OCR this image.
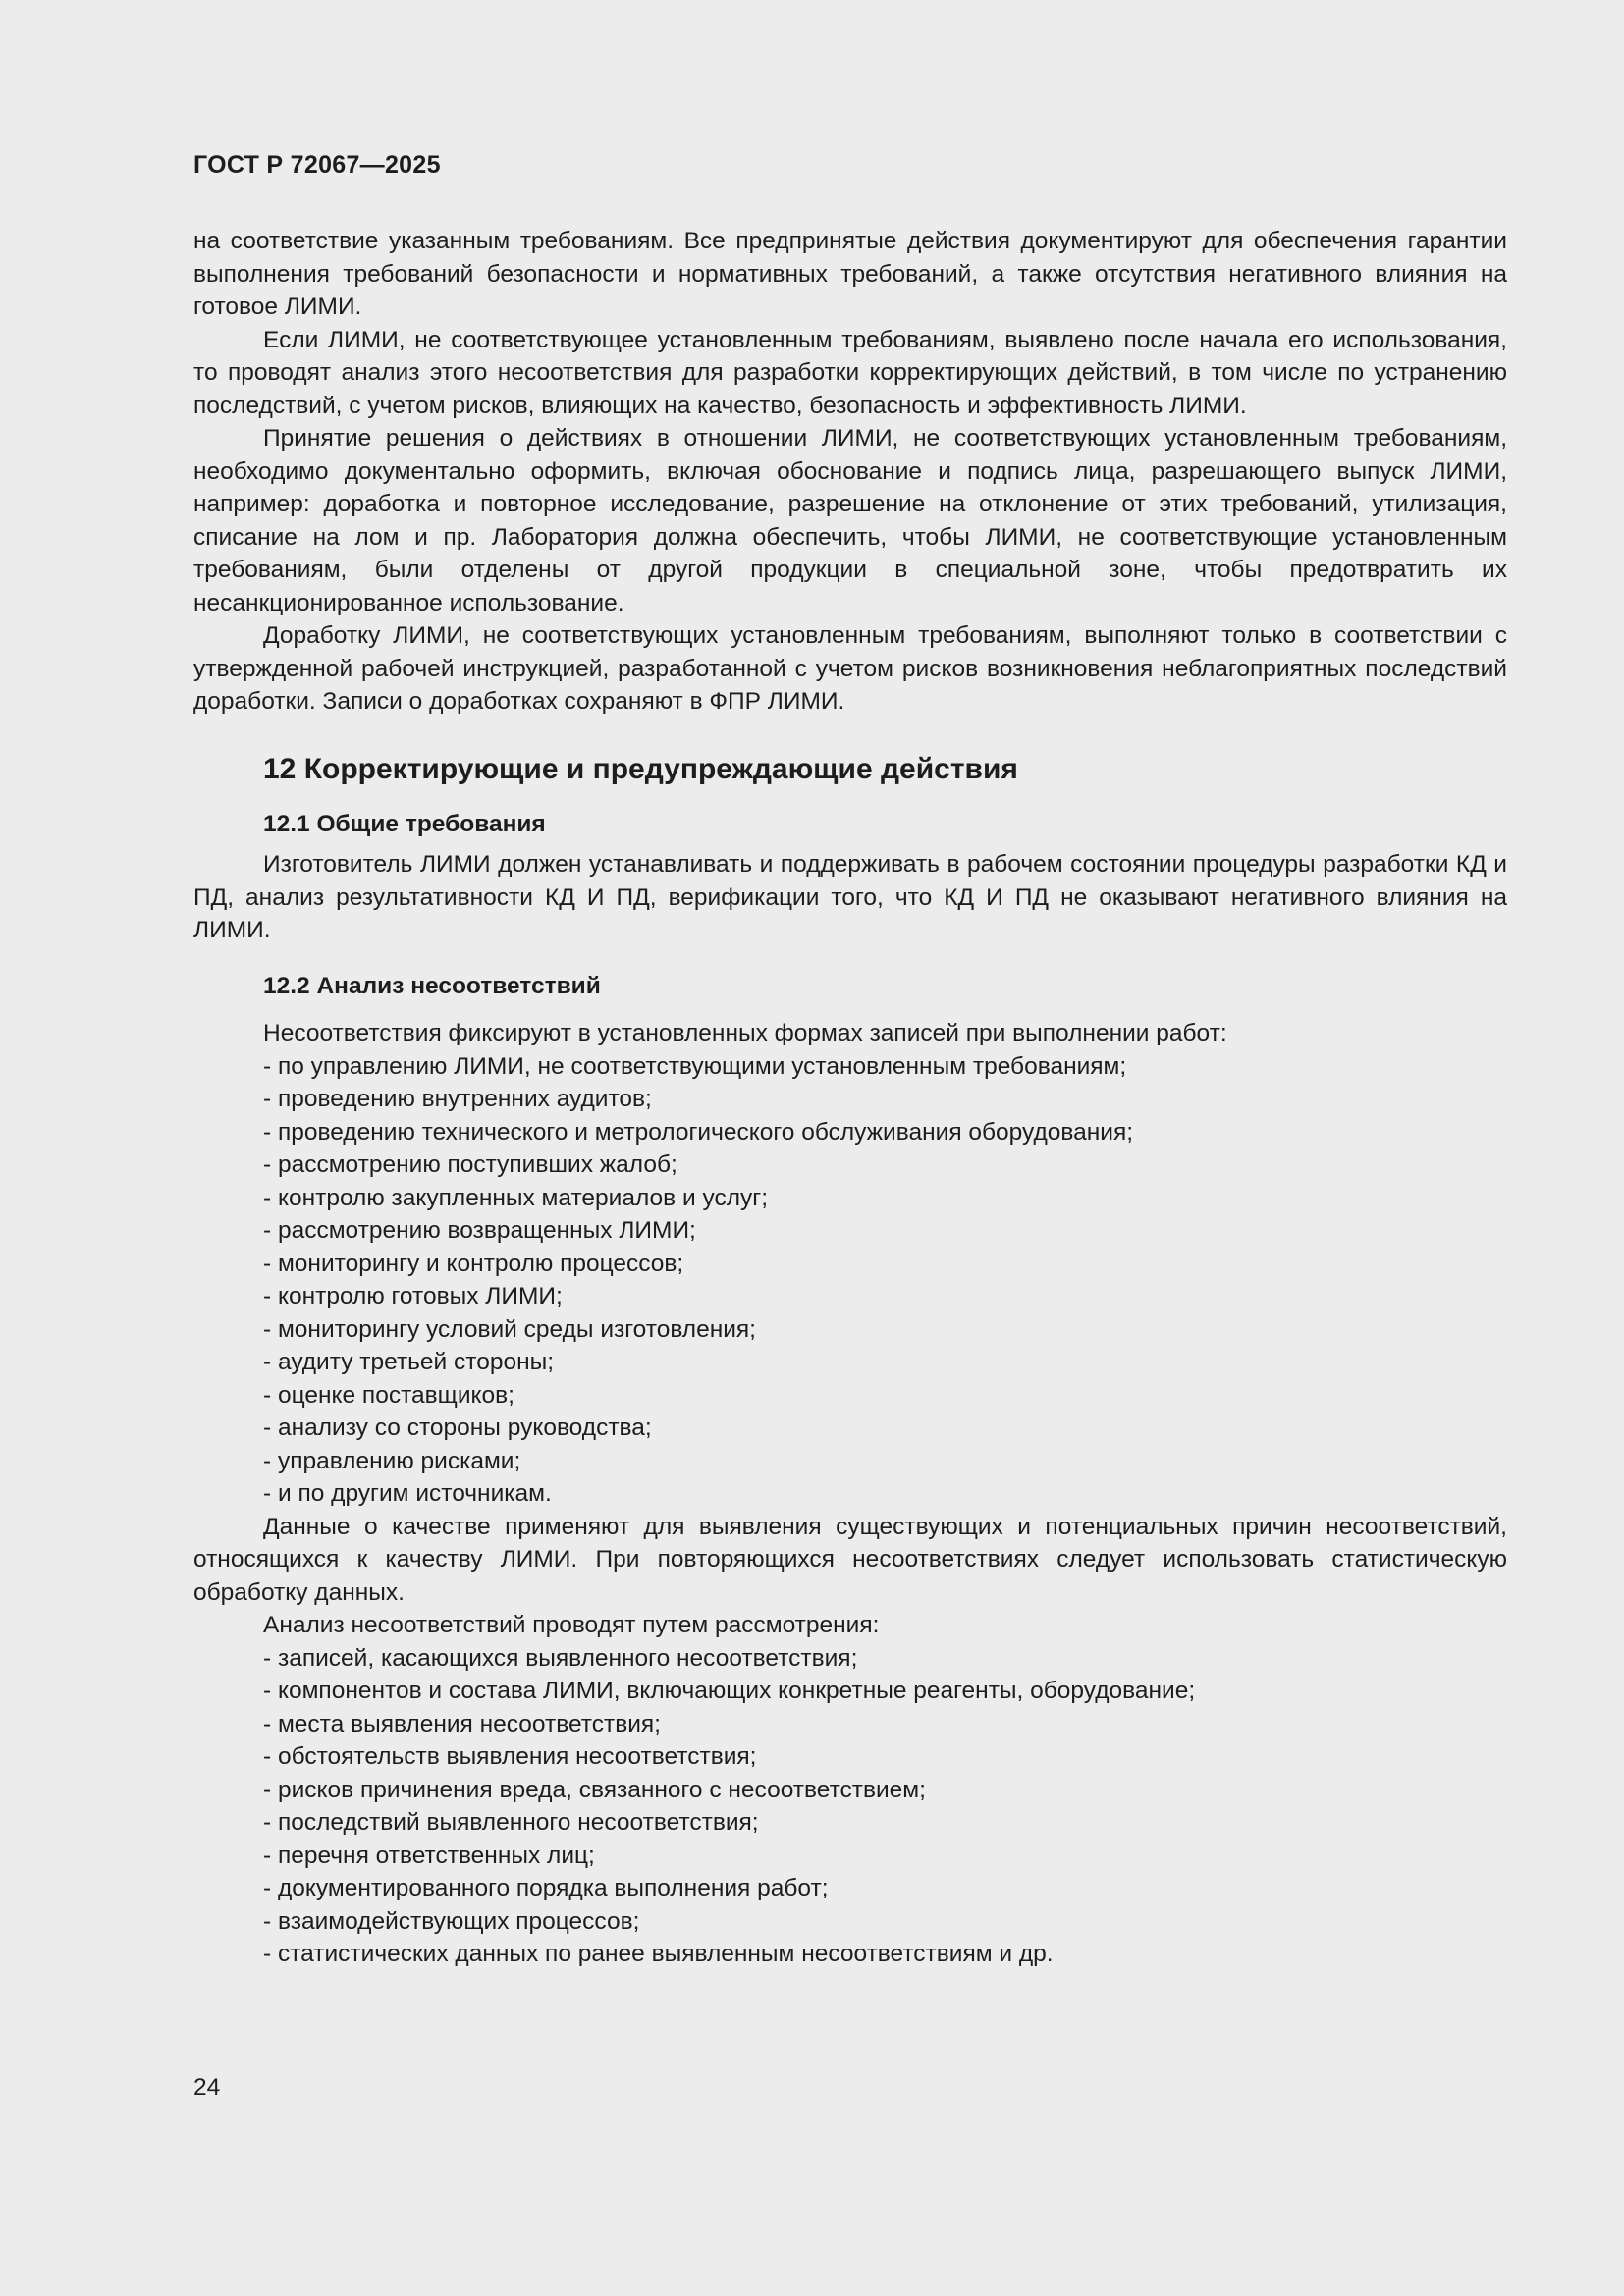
ГОСТ Р 72067—2025

на соответствие указанным требованиям. Все предпринятые действия документируют для обеспечения гарантии выполнения требований безопасности и нормативных требований, а также отсутствия негативного влияния на готовое ЛИМИ.

Если ЛИМИ, не соответствующее установленным требованиям, выявлено после начала его использования, то проводят анализ этого несоответствия для разработки корректирующих действий, в том числе по устранению последствий, с учетом рисков, влияющих на качество, безопасность и эффективность ЛИМИ.

Принятие решения о действиях в отношении ЛИМИ, не соответствующих установленным требованиям, необходимо документально оформить, включая обоснование и подпись лица, разрешающего выпуск ЛИМИ, например: доработка и повторное исследование, разрешение на отклонение от этих требований, утилизация, списание на лом и пр. Лаборатория должна обеспечить, чтобы ЛИМИ, не соответствующие установленным требованиям, были отделены от другой продукции в специальной зоне, чтобы предотвратить их несанкционированное использование.

Доработку ЛИМИ, не соответствующих установленным требованиям, выполняют только в соответствии с утвержденной рабочей инструкцией, разработанной с учетом рисков возникновения неблагоприятных последствий доработки. Записи о доработках сохраняют в ФПР ЛИМИ.

12 Корректирующие и предупреждающие действия
12.1 Общие требования

Изготовитель ЛИМИ должен устанавливать и поддерживать в рабочем состоянии процедуры разработки КД и ПД, анализ результативности КД И ПД, верификации того, что КД И ПД не оказывают негативного влияния на ЛИМИ.

12.2 Анализ несоответствий

Несоответствия фиксируют в установленных формах записей при выполнении работ:

- по управлению ЛИМИ, не соответствующими установленным требованиям;
- проведению внутренних аудитов;
- проведению технического и метрологического обслуживания оборудования;
- рассмотрению поступивших жалоб;
- контролю закупленных материалов и услуг;
- рассмотрению возвращенных ЛИМИ;
- мониторингу и контролю процессов;
- контролю готовых ЛИМИ;
- мониторингу условий среды изготовления;
- аудиту третьей стороны;
- оценке поставщиков;
- анализу со стороны руководства;
- управлению рисками;
- и по другим источникам.

Данные о качестве применяют для выявления существующих и потенциальных причин несоответствий, относящихся к качеству ЛИМИ. При повторяющихся несоответствиях следует использовать статистическую обработку данных.

Анализ несоответствий проводят путем рассмотрения:

- записей, касающихся выявленного несоответствия;
- компонентов и состава ЛИМИ, включающих конкретные реагенты, оборудование;
- места выявления несоответствия;
- обстоятельств выявления несоответствия;
- рисков причинения вреда, связанного с несоответствием;
- последствий выявленного несоответствия;
- перечня ответственных лиц;
- документированного порядка выполнения работ;
- взаимодействующих процессов;
- статистических данных по ранее выявленным несоответствиям и др.
24
